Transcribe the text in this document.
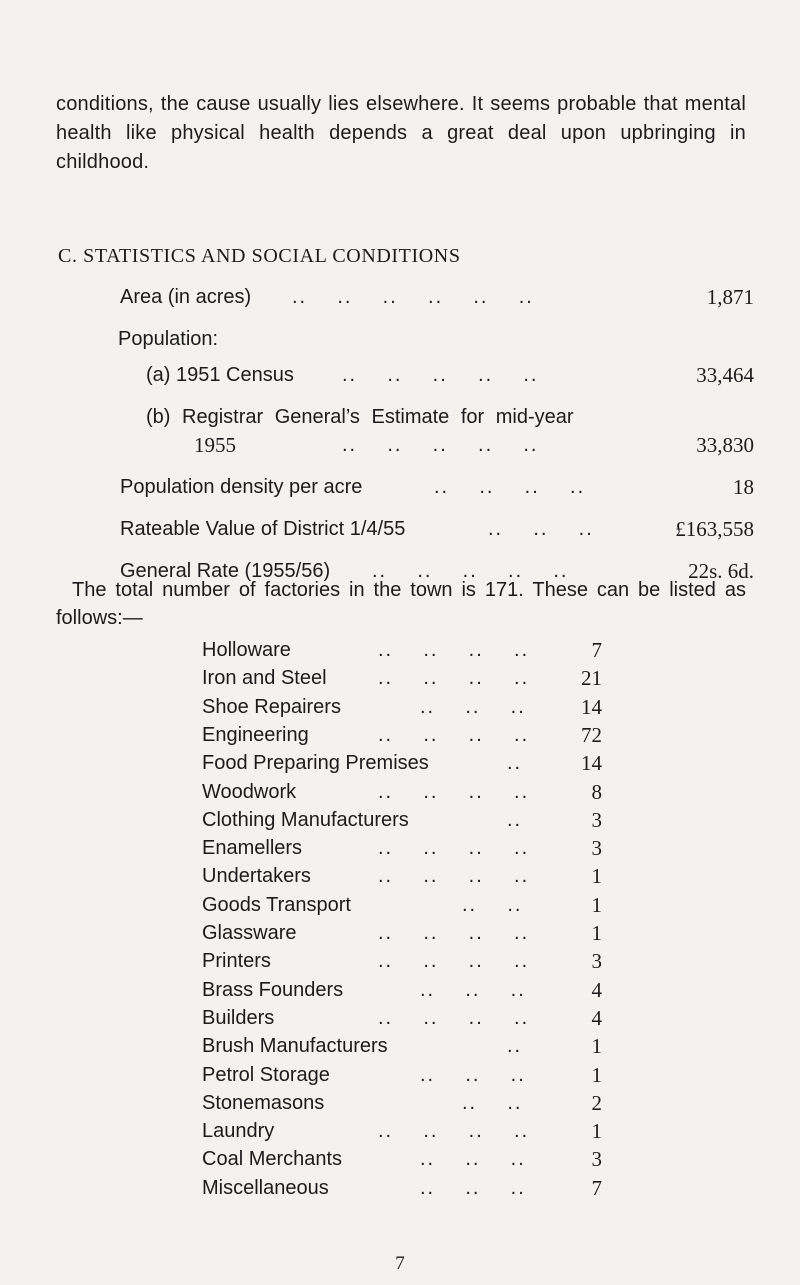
conditions, the cause usually lies elsewhere. It seems probable that mental health like physical health depends a great deal upon upbringing in childhood.

C. STATISTICS AND SOCIAL CONDITIONS
Area (in acres) ..    ..    ..    ..    ..    ..	1,871
Population:
(a) 1951 Census ..    ..    ..    ..    ..	33,464
(b) Registrar General’s Estimate for mid-year
1955	..    ..    ..    ..    ..	33,830
Population density per acre	..    ..    ..    ..	18
Rateable Value of District 1/4/55	..    ..    ..	£163,558
General Rate (1955/56) ..    ..    ..    ..    ..	22s. 6d.

The total number of factories in the town is 171. These can be listed as follows:—

Holloware	..    ..    ..    ..	7
Iron and Steel	..    ..    ..    ..	21
Shoe Repairers	..    ..    ..	14
Engineering	..    ..    ..    ..	72
Food Preparing Premises	..	14
Woodwork	..    ..    ..    ..	8
Clothing Manufacturers	..	3
Enamellers	..    ..    ..    ..	3
Undertakers	..    ..    ..    ..	1
Goods Transport	..    ..	1
Glassware	..    ..    ..    ..	1
Printers	..    ..    ..    ..	3
Brass Founders	..    ..    ..	4
Builders	..    ..    ..    ..	4
Brush Manufacturers	..	1
Petrol Storage	..    ..    ..	1
Stonemasons	..    ..	2
Laundry	..    ..    ..    ..	1
Coal Merchants	..    ..    ..	3
Miscellaneous	..    ..    ..	7
7
